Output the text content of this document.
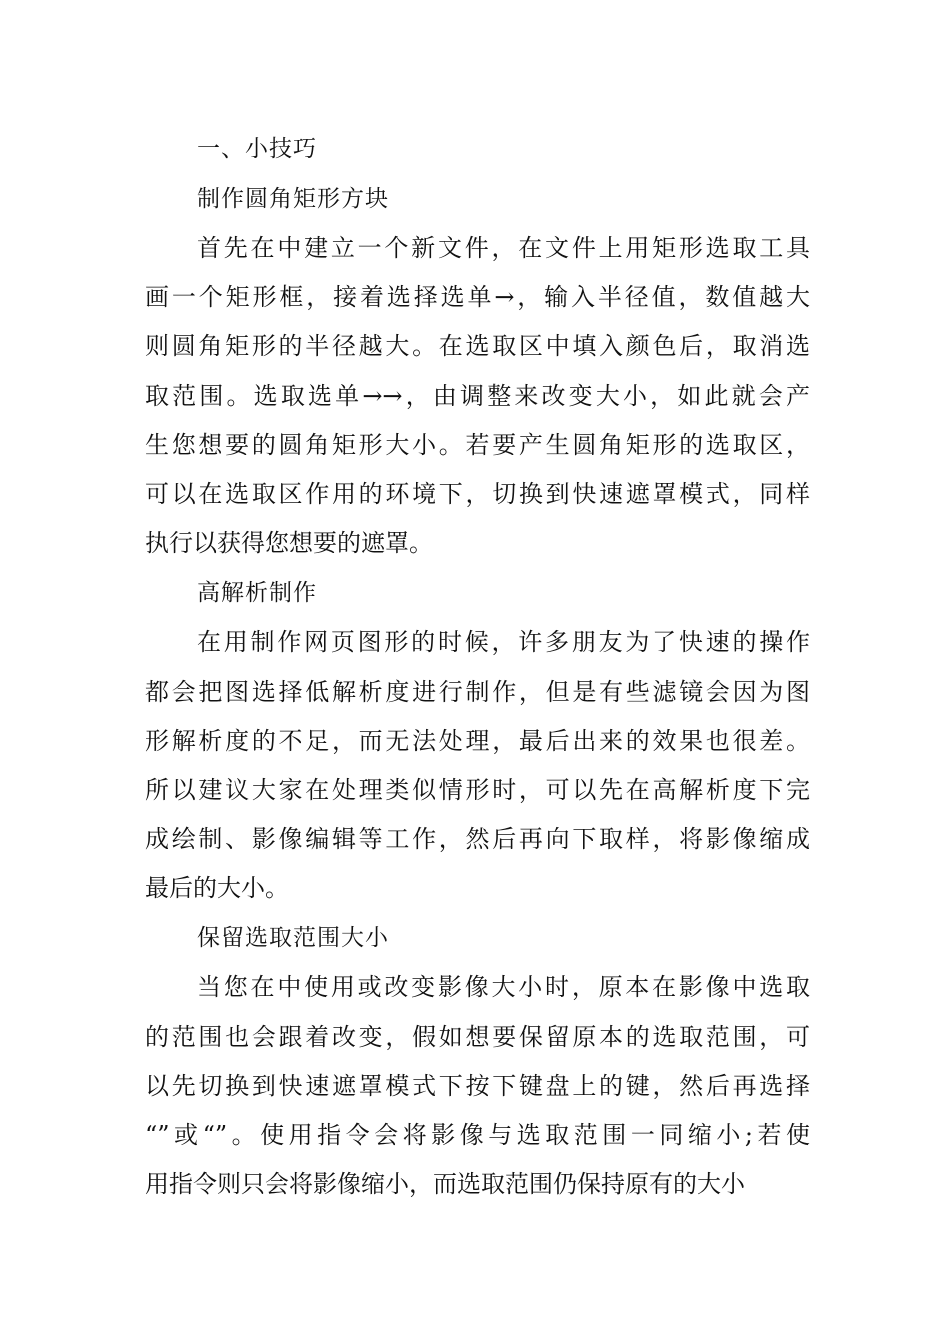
一、小技巧
制作圆角矩形方块

首先在中建立一个新文件，在文件上用矩形选取工具
画一个矩形框，接着选择选单→，输入半径值，数值越大
则圆角矩形的半径越大。在选取区中填入颜色后，取消选
取范围。选取选单→→，由调整来改变大小，如此就会产
生您想要的圆角矩形大小。若要产生圆角矩形的选取区，
可以在选取区作用的环境下，切换到快速遮罩模式，同样
执行以获得您想要的遮罩。

高解析制作

在用制作网页图形的时候，许多朋友为了快速的操作
都会把图选择低解析度进行制作，但是有些滤镜会因为图
形解析度的不足，而无法处理，最后出来的效果也很差。
所以建议大家在处理类似情形时，可以先在高解析度下完
成绘制、影像编辑等工作，然后再向下取样，将影像缩成
最后的大小。

保留选取范围大小

当您在中使用或改变影像大小时，原本在影像中选取
的范围也会跟着改变，假如想要保留原本的选取范围，可
以先切换到快速遮罩模式下按下键盘上的键，然后再选择
“”或“”。使用指令会将影像与选取范围一同缩小;若使
用指令则只会将影像缩小，而选取范围仍保持原有的大小
